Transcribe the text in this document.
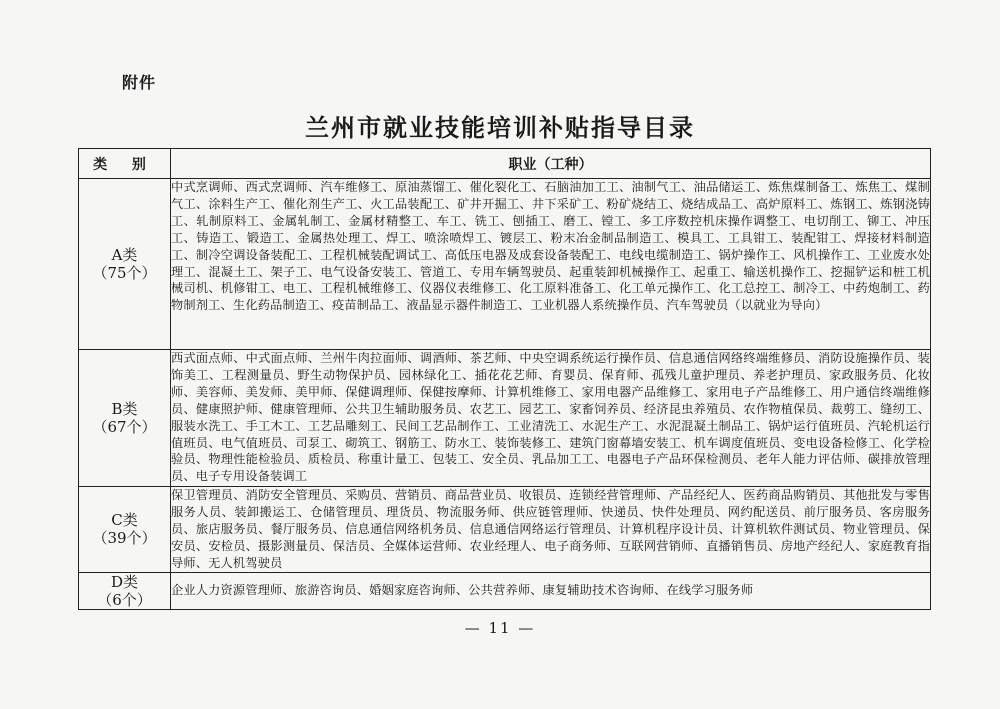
附件
兰州市就业技能培训补贴指导目录
类 别	职业（工种）

A类
（75个）	中式烹调师、西式烹调师、汽车维修工、原油蒸馏工、催化裂化工、石脑油加工工、油制气工、油品储运工、炼焦煤制备工、炼焦工、煤制气工、涂料生产工、催化剂生产工、火工品装配工、矿井开掘工、井下采矿工、粉矿烧结工、烧结成品工、高炉原料工、炼钢工、炼钢浇铸工、轧制原料工、金属轧制工、金属材精整工、车工、铣工、刨插工、磨工、镗工、多工序数控机床操作调整工、电切削工、铆工、冲压工、铸造工、锻造工、金属热处理工、焊工、喷涂喷焊工、镀层工、粉末冶金制品制造工、模具工、工具钳工、装配钳工、焊接材料制造工、制冷空调设备装配工、工程机械装配调试工、高低压电器及成套设备装配工、电线电缆制造工、锅炉操作工、风机操作工、工业废水处理工、混凝土工、架子工、电气设备安装工、管道工、专用车辆驾驶员、起重装卸机械操作工、起重工、输送机操作工、挖掘铲运和桩工机械司机、机修钳工、电工、工程机械维修工、仪器仪表维修工、化工原料准备工、化工单元操作工、化工总控工、制冷工、中药炮制工、药物制剂工、生化药品制造工、疫苗制品工、液晶显示器件制造工、工业机器人系统操作员、汽车驾驶员（以就业为导向）

B类
（67个）	西式面点师、中式面点师、兰州牛肉拉面师、调酒师、茶艺师、中央空调系统运行操作员、信息通信网络终端维修员、消防设施操作员、装饰美工、工程测量员、野生动物保护员、园林绿化工、插花花艺师、育婴员、保育师、孤残儿童护理员、养老护理员、家政服务员、化妆师、美容师、美发师、美甲师、保健调理师、保健按摩师、计算机维修工、家用电器产品维修工、家用电子产品维修工、用户通信终端维修员、健康照护师、健康管理师、公共卫生辅助服务员、农艺工、园艺工、家畜饲养员、经济昆虫养殖员、农作物植保员、裁剪工、缝纫工、服装水洗工、手工木工、工艺品雕刻工、民间工艺品制作工、工业清洗工、水泥生产工、水泥混凝土制品工、锅炉运行值班员、汽轮机运行值班员、电气值班员、司泵工、砌筑工、钢筋工、防水工、装饰装修工、建筑门窗幕墙安装工、机车调度值班员、变电设备检修工、化学检验员、物理性能检验员、质检员、称重计量工、包装工、安全员、乳品加工工、电器电子产品环保检测员、老年人能力评估师、碳排放管理员、电子专用设备装调工

C类
（39个）	保卫管理员、消防安全管理员、采购员、营销员、商品营业员、收银员、连锁经营管理师、产品经纪人、医药商品购销员、其他批发与零售服务人员、装卸搬运工、仓储管理员、理货员、物流服务师、供应链管理师、快递员、快件处理员、网约配送员、前厅服务员、客房服务员、旅店服务员、餐厅服务员、信息通信网络机务员、信息通信网络运行管理员、计算机程序设计员、计算机软件测试员、物业管理员、保安员、安检员、摄影测量员、保洁员、全媒体运营师、农业经理人、电子商务师、互联网营销师、直播销售员、房地产经纪人、家庭教育指导师、无人机驾驶员

D类
（6个）	企业人力资源管理师、旅游咨询员、婚姻家庭咨询师、公共营养师、康复辅助技术咨询师、在线学习服务师
— 11 —
